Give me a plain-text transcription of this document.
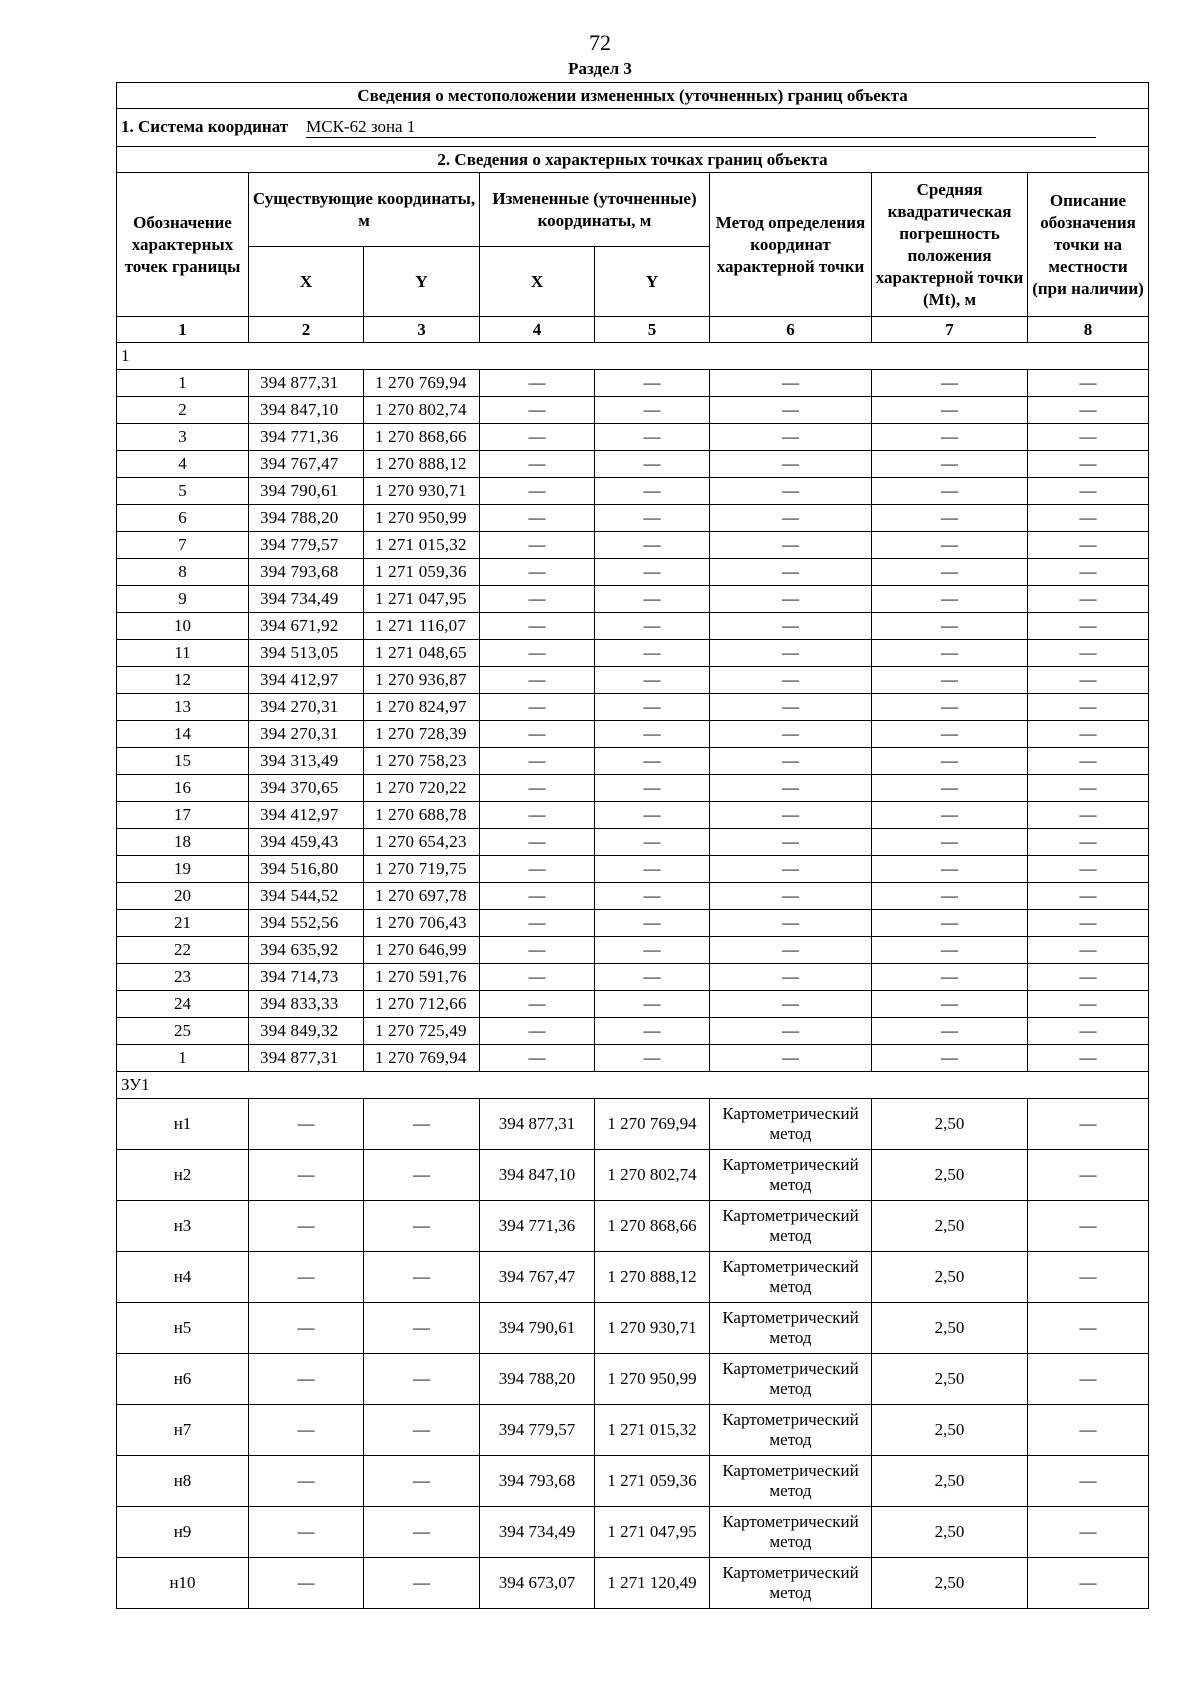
72
Раздел 3
Сведения о местоположении измененных (уточненных) границ объекта							
1. Система координат МСК-62 зона 1							
2. Сведения о характерных точках границ объекта							
Обозначение характерных точек границы	Существующие координаты, м		Измененные (уточненные) координаты, м		Метод определения координат характерной точки	Средняя квадратическая погрешность положения характерной точки (Mt), м	Описание обозначения точки на местности (при наличии)
	X	Y	X	Y			
1	2	3	4	5	6	7	8
1							
1	394 877,31	1 270 769,94	—	—	—	—	—
2	394 847,10	1 270 802,74	—	—	—	—	—
3	394 771,36	1 270 868,66	—	—	—	—	—
4	394 767,47	1 270 888,12	—	—	—	—	—
5	394 790,61	1 270 930,71	—	—	—	—	—
6	394 788,20	1 270 950,99	—	—	—	—	—
7	394 779,57	1 271 015,32	—	—	—	—	—
8	394 793,68	1 271 059,36	—	—	—	—	—
9	394 734,49	1 271 047,95	—	—	—	—	—
10	394 671,92	1 271 116,07	—	—	—	—	—
11	394 513,05	1 271 048,65	—	—	—	—	—
12	394 412,97	1 270 936,87	—	—	—	—	—
13	394 270,31	1 270 824,97	—	—	—	—	—
14	394 270,31	1 270 728,39	—	—	—	—	—
15	394 313,49	1 270 758,23	—	—	—	—	—
16	394 370,65	1 270 720,22	—	—	—	—	—
17	394 412,97	1 270 688,78	—	—	—	—	—
18	394 459,43	1 270 654,23	—	—	—	—	—
19	394 516,80	1 270 719,75	—	—	—	—	—
20	394 544,52	1 270 697,78	—	—	—	—	—
21	394 552,56	1 270 706,43	—	—	—	—	—
22	394 635,92	1 270 646,99	—	—	—	—	—
23	394 714,73	1 270 591,76	—	—	—	—	—
24	394 833,33	1 270 712,66	—	—	—	—	—
25	394 849,32	1 270 725,49	—	—	—	—	—
1	394 877,31	1 270 769,94	—	—	—	—	—
ЗУ1							
н1	—	—	394 877,31	1 270 769,94	Картометрический метод	2,50	—
н2	—	—	394 847,10	1 270 802,74	Картометрический метод	2,50	—
н3	—	—	394 771,36	1 270 868,66	Картометрический метод	2,50	—
н4	—	—	394 767,47	1 270 888,12	Картометрический метод	2,50	—
н5	—	—	394 790,61	1 270 930,71	Картометрический метод	2,50	—
н6	—	—	394 788,20	1 270 950,99	Картометрический метод	2,50	—
н7	—	—	394 779,57	1 271 015,32	Картометрический метод	2,50	—
н8	—	—	394 793,68	1 271 059,36	Картометрический метод	2,50	—
н9	—	—	394 734,49	1 271 047,95	Картометрический метод	2,50	—
н10	—	—	394 673,07	1 271 120,49	Картометрический метод	2,50	—
